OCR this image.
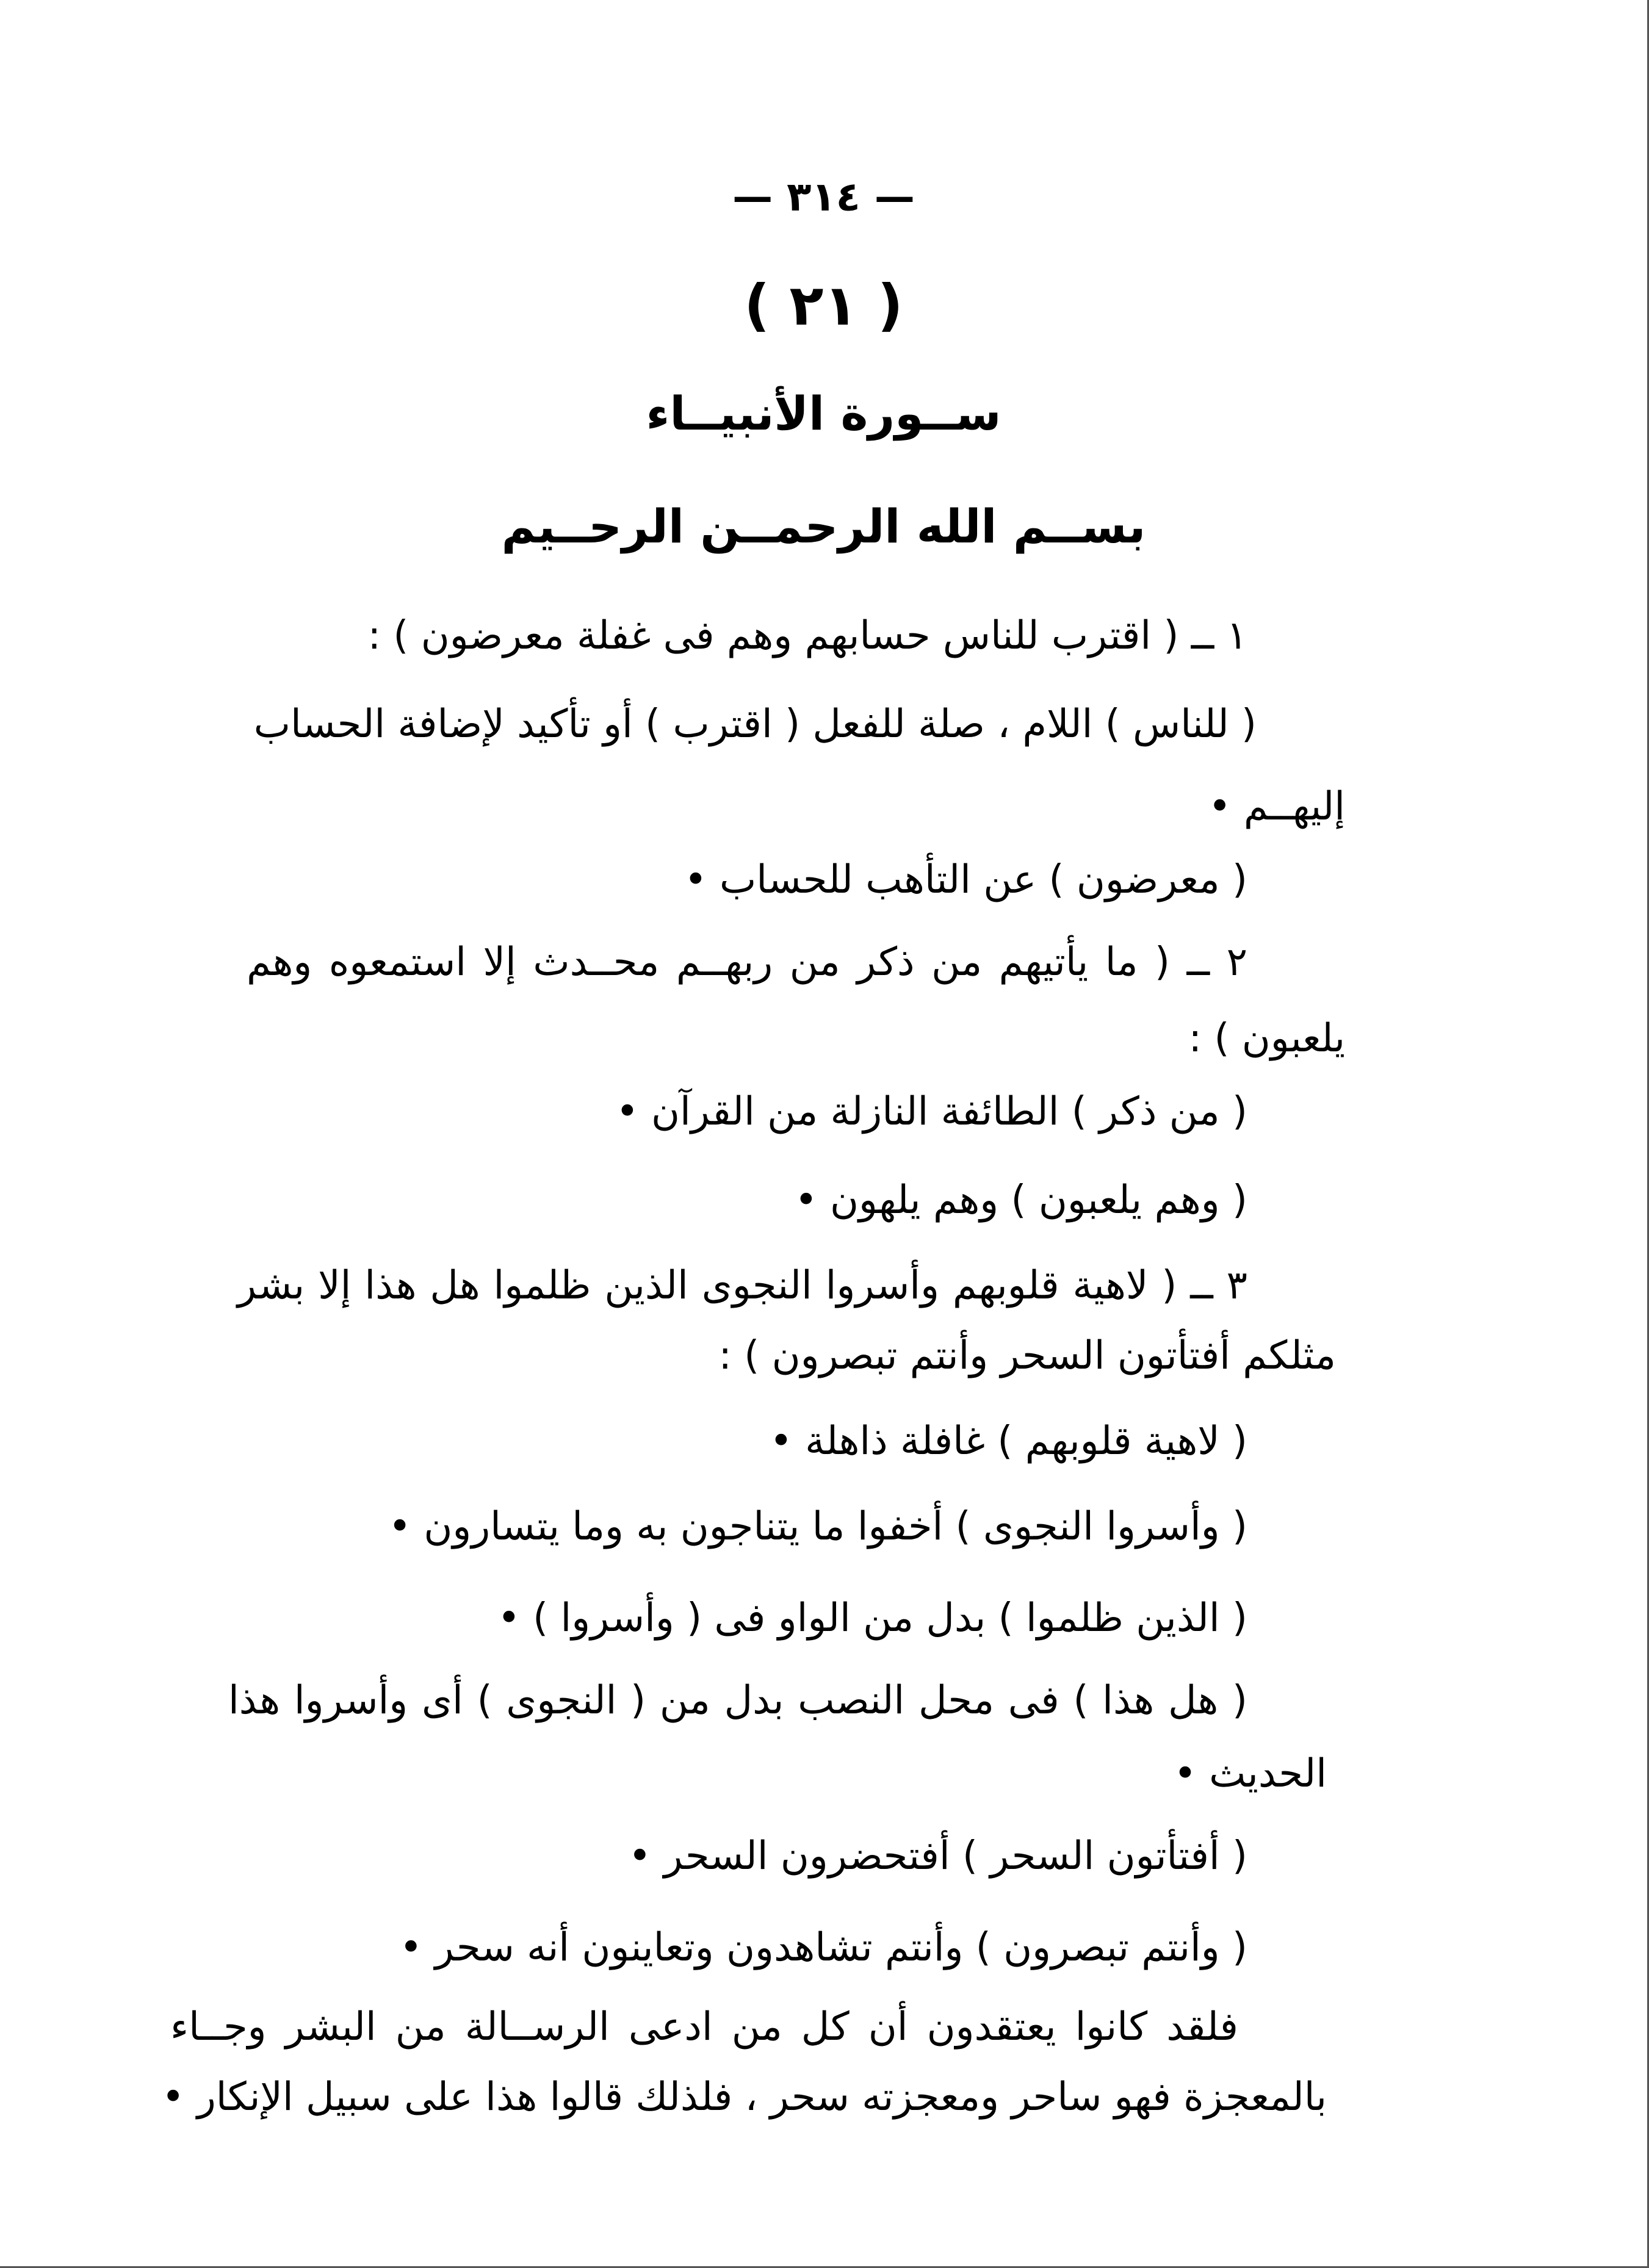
— ٣١٤ —
( ٢١ )
ســورة الأنبيــاء
بســم الله الرحمــن الرحــيم
١ ــ ( اقترب للناس حسابهم وهم فى غفلة معرضون ) :
( للناس ) اللام ، صلة للفعل ( اقترب ) أو تأكيد لإضافة الحساب
إليهــم •
( معرضون ) عن التأهب للحساب •
٢ ــ ( ما يأتيهم من ذكر من ربهــم محــدث إلا استمعوه وهم
يلعبون ) :
( من ذكر ) الطائفة النازلة من القرآن •
( وهم يلعبون ) وهم يلهون •
٣ ــ ( لاهية قلوبهم وأسروا النجوى الذين ظلموا هل هذا إلا بشر
مثلكم أفتأتون السحر وأنتم تبصرون ) :
( لاهية قلوبهم ) غافلة ذاهلة •
( وأسروا النجوى ) أخفوا ما يتناجون به وما يتسارون •
( الذين ظلموا ) بدل من الواو فى ( وأسروا ) •
( هل هذا ) فى محل النصب بدل من ( النجوى ) أى وأسروا هذا
الحديث •
( أفتأتون السحر ) أفتحضرون السحر •
( وأنتم تبصرون ) وأنتم تشاهدون وتعاينون أنه سحر •
فلقد كانوا يعتقدون أن كل من ادعى الرســالة من البشر وجــاء
بالمعجزة فهو ساحر ومعجزته سحر ، فلذلك قالوا هذا على سبيل الإنكار •
